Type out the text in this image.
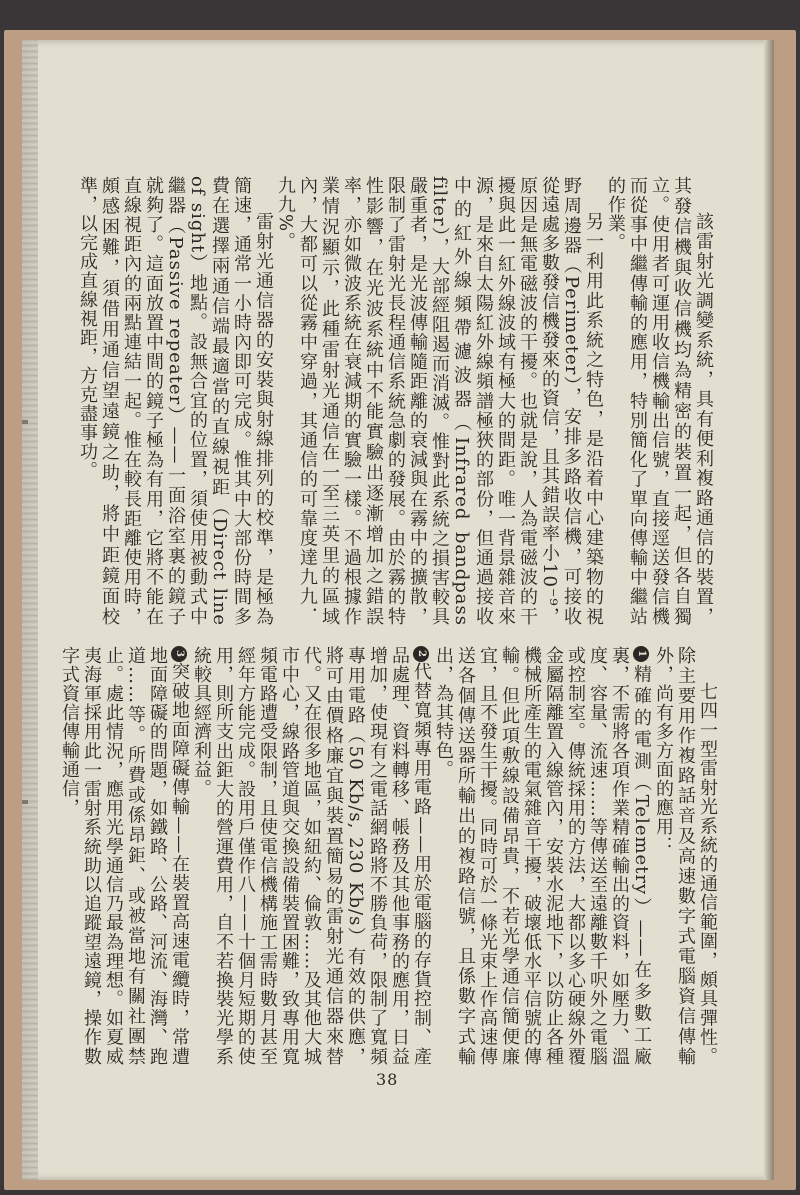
該雷射光調變系統，具有便利複路通信的裝置，其發信機與收信機均為精密的裝置一起，但各自獨立。使用者可運用收信機輸出信號，直接逕送發信機而從事中繼傳輸的應用，特別簡化了單向傳輸中繼站的作業。

另一利用此系統之特色，是沿着中心建築物的視野周邊器（Perimeter），安排多路收信機，可接收從遠處多數發信機發來的資信，且其錯誤率小10⁻⁹，原因是無電磁波的干擾。也就是說，人為電磁波的干擾與此一紅外線波域有極大的間距。唯一背景雜音來源，是來自太陽紅外線頻譜極狹的部份，但通過接收中的紅外線頻帶濾波器（Infrared bandpass filter），大部經阻遏而消滅。惟對此系統之損害較具嚴重者，是光波傳輸隨距離的衰減與在霧中的擴散，限制了雷射光長程通信系統急劇的發展。由於霧的特性影響，在光波系統中不能實驗出逐漸增加之錯誤率，亦如微波系統在衰減期的實驗一樣。不過根據作業情況顯示，此種雷射光通信在一至三英里的區域內，大都可以從霧中穿過，其通信的可靠度達九九．九九%。

雷射光通信器的安裝與射線排列的校準，是極為簡速，通常一小時內即可完成。惟其中大部份時間多費在選擇兩通信端最適當的直線視距（Direct line of sight）地點。設無合宜的位置，須使用被動式中繼器（Passive repeater）——一面浴室裏的鏡子就夠了。這面放置中間的鏡子極為有用，它將不能在直線視距內的兩點連結一起。惟在較長距離使用時，頗感困難，須借用通信望遠鏡之助，將中距鏡面校準，以完成直線視距，方克盡事功。

七四一型雷射光系統的通信範圍，頗具彈性。除主要用作複路話音及高速數字式電腦資信傳輸外，尚有多方面的應用：

1精確的電測（Telemetry）——在多數工廠裏，不需將各項作業精確輸出的資料，如壓力、溫度、容量、流速……等傳送至遠離數千呎外之電腦或控制室。傳統採用的方法，大都以多心硬線外覆金屬隔離置入線管內，安裝水泥地下，以防止各種機械所產生的電氣雜音干擾，破壞低水平信號的傳輸。但此項敷線設備昂貴，不若光學通信簡便廉宜，且不發生干擾。同時可於一條光束上作高速傳送各個傳送器所輸出的複路信號，且係數字式輸出，為其特色。

2代替寬頻專用電路——用於電腦的存貨控制、產品處理、資料轉移、帳務及其他事務的應用，日益增加，使現有之電話網路將不勝負荷，限制了寬頻專用電路（50 Kb/s, 230 Kb/s）有效的供應，將可由價格廉宜與裝置簡易的雷射光通信器來替代。又在很多地區，如紐約、倫敦……及其他大城市中心，線路管道與交換設備裝置困難，致專用寬頻電路遭受限制，且使電信機構施工需時數月甚至經年方能完成。設用戶僅作八——十個月短期的使用，則所支出鉅大的營運費用，自不若換裝光學系統較具經濟利益。

3突破地面障礙傳輸——在裝置高速電纜時，常遭地面障礙的問題，如鐵路、公路、河流、海灣、跑道……等。所費或係昂鉅、或被當地有關社團禁止。處此情況，應用光學通信乃最為理想。如夏威夷海軍採用此一雷射系統助以追蹤望遠鏡，操作數字式資信傳輸通信，

38
